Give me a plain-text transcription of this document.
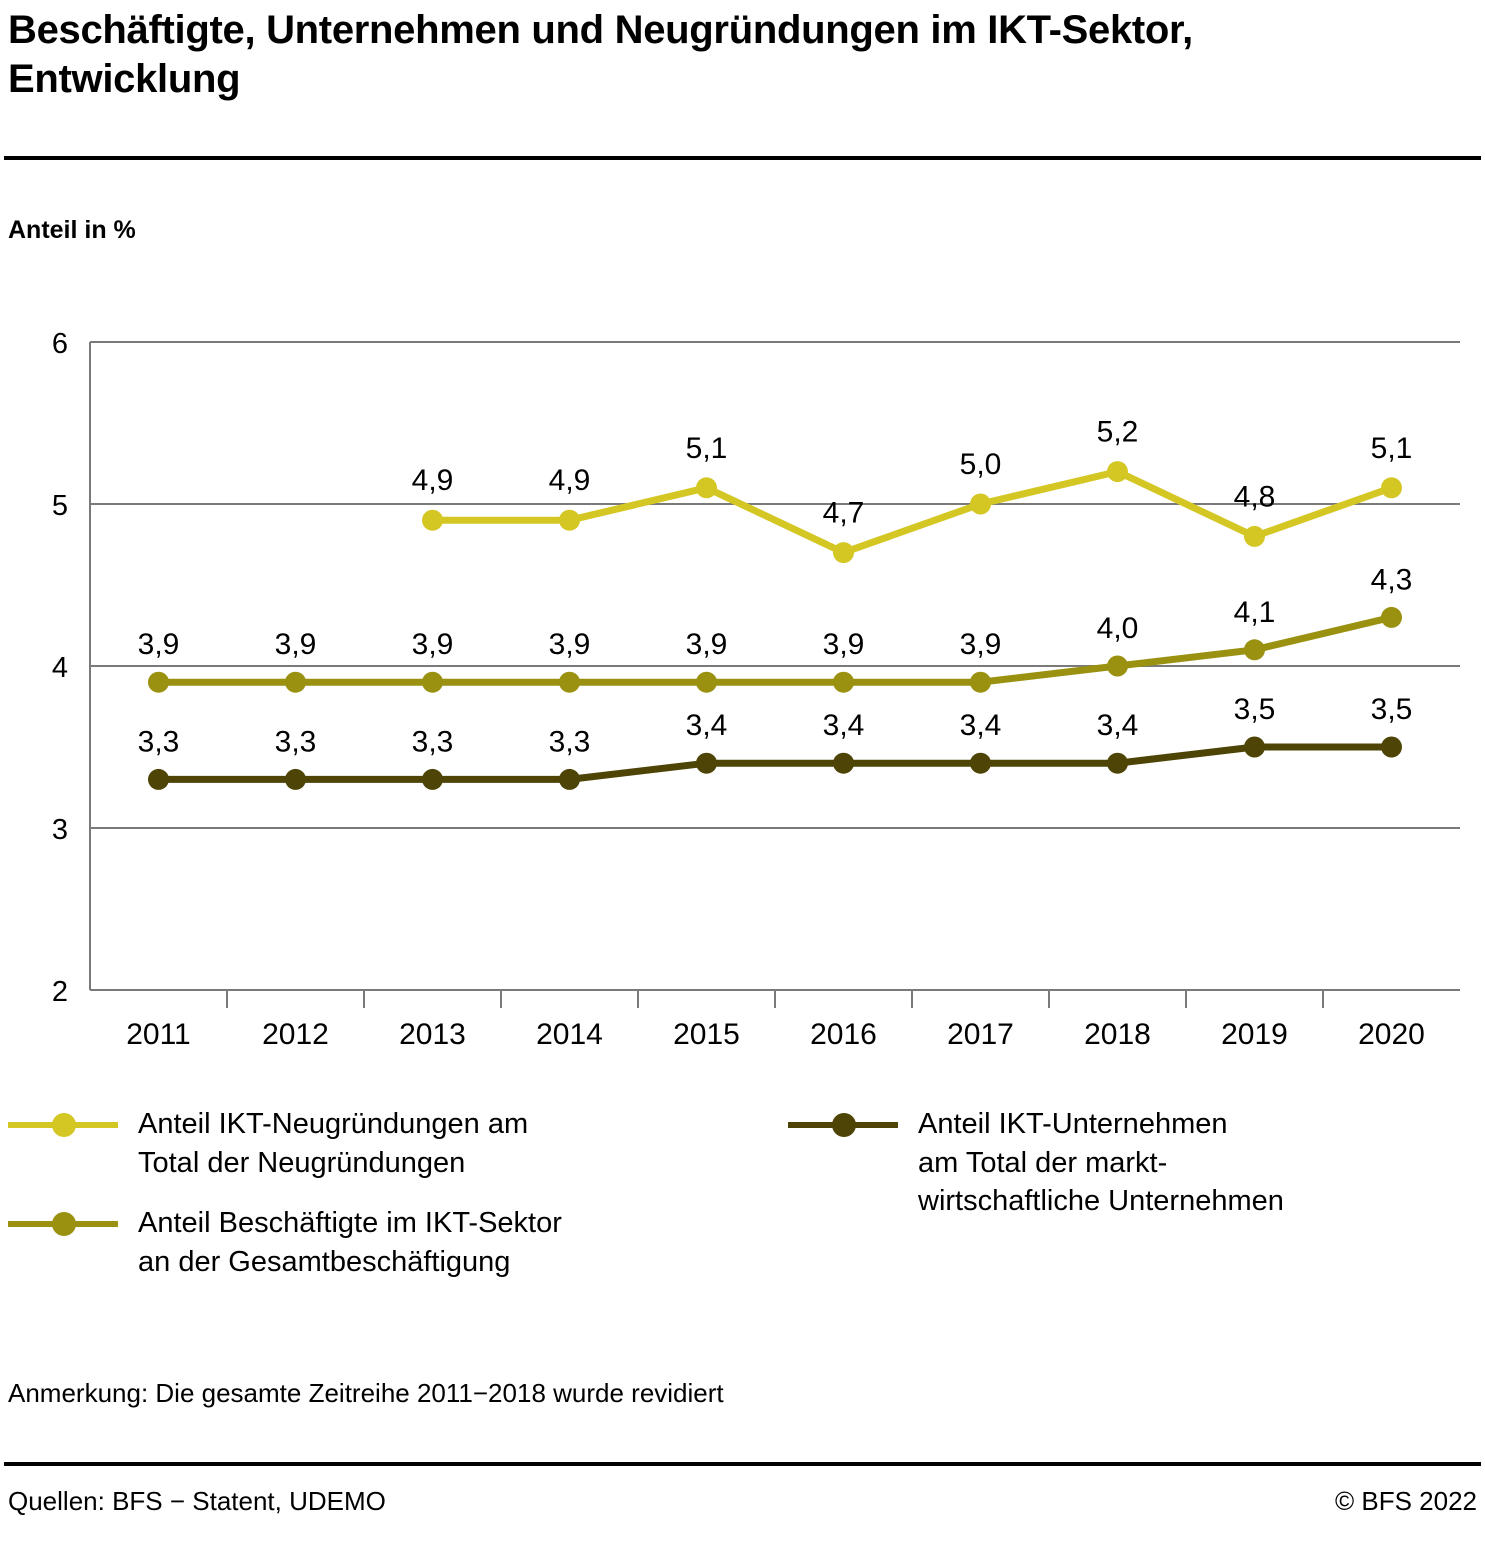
Beschäftigte, Unternehmen und Neugründungen im IKT-Sektor, Entwicklung
Anteil in %
2
3
4
5
6
2011 2012 2013 2014 2015 2016 2017 2018 2019 2020
4,9	4,9
5,1
4,7
5,0
5,2
4,8
5,1
3,9	3,9	3,9	3,9	3,9	3,9	3,9	4,0	4,1
4,3
3,3	3,3	3,3	3,3	3,4	3,4	3,4	3,4	3,5	3,5
Anteil IKT-Neugründungen am
Total der Neugründungen
Anteil Beschäftigte im IKT-Sektor
an der Gesamtbeschäftigung
Anteil IKT-Unternehmen
am Total der markt-
wirtschaftliche Unternehmen
Anmerkung: Die gesamte Zeitreihe 2011−2018 wurde revidiert
Quellen: BFS − Statent, UDEMO	© BFS 2022
